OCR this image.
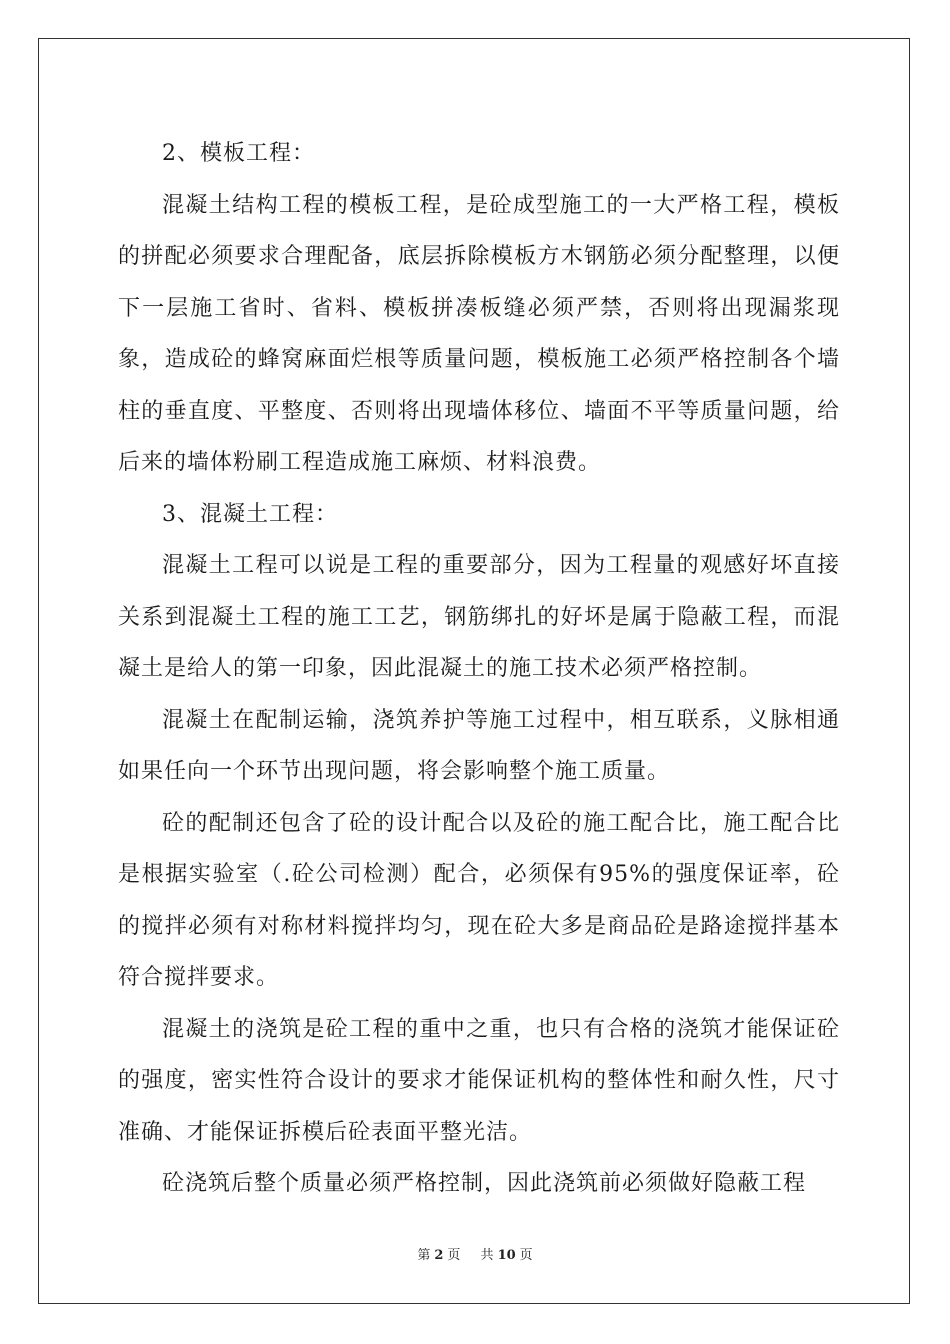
2、模板工程：

混凝土结构工程的模板工程，是砼成型施工的一大严格工程，模板的拼配必须要求合理配备，底层拆除模板方木钢筋必须分配整理，以便下一层施工省时、省料、模板拼凑板缝必须严禁，否则将出现漏浆现象，造成砼的蜂窝麻面烂根等质量问题，模板施工必须严格控制各个墙柱的垂直度、平整度、否则将出现墙体移位、墙面不平等质量问题，给后来的墙体粉刷工程造成施工麻烦、材料浪费。

3、混凝土工程：

混凝土工程可以说是工程的重要部分，因为工程量的观感好坏直接关系到混凝土工程的施工工艺，钢筋绑扎的好坏是属于隐蔽工程，而混凝土是给人的第一印象，因此混凝土的施工技术必须严格控制。

混凝土在配制运输，浇筑养护等施工过程中，相互联系，义脉相通如果任向一个环节出现问题，将会影响整个施工质量。

砼的配制还包含了砼的设计配合以及砼的施工配合比，施工配合比是根据实验室（.砼公司检测）配合，必须保有95%的强度保证率，砼的搅拌必须有对称材料搅拌均匀，现在砼大多是商品砼是路途搅拌基本符合搅拌要求。

混凝土的浇筑是砼工程的重中之重，也只有合格的浇筑才能保证砼的强度，密实性符合设计的要求才能保证机构的整体性和耐久性，尺寸准确、才能保证拆模后砼表面平整光洁。

砼浇筑后整个质量必须严格控制，因此浇筑前必须做好隐蔽工程

第 2 页 共 10 页
